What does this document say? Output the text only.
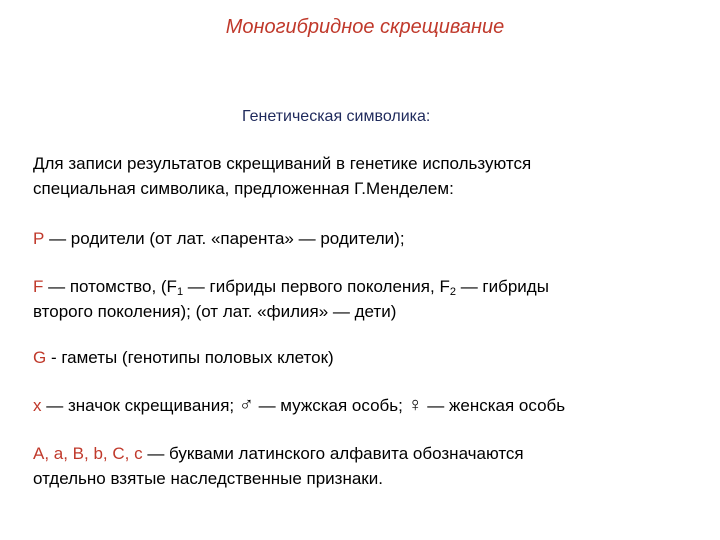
Моногибридное скрещивание
Генетическая символика:
Для записи результатов скрещиваний в генетике используются
специальная символика, предложенная Г.Менделем:
Р — родители (от лат. «парента» — родители);
F — потомство, ($F_1$ — гибриды первого поколения, $F_2$ — гибриды
второго поколения); (от лат. «филия» — дети)
G - гаметы (генотипы половых клеток)
х — значок скрещивания; ♂ — мужская особь; ♀ — женская особь
А, а, В, b, С, с — буквами латинского алфавита обозначаются
отдельно взятые наследственные признаки.
